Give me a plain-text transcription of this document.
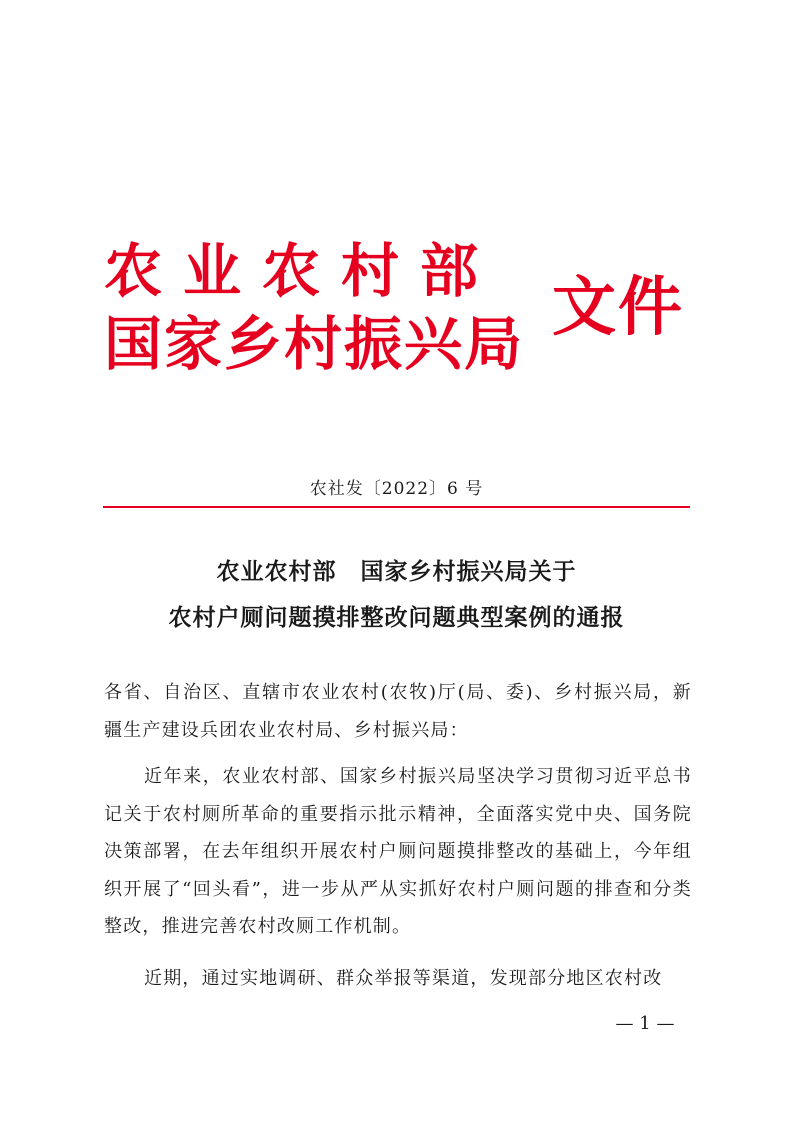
农业农村部
国家乡村振兴局 文件
农社发〔2022〕6 号
农业农村部　国家乡村振兴局关于
农村户厕问题摸排整改问题典型案例的通报
各省、自治区、直辖市农业农村(农牧)厅(局、委)、乡村振兴局，新疆生产建设兵团农业农村局、乡村振兴局：
近年来，农业农村部、国家乡村振兴局坚决学习贯彻习近平总书记关于农村厕所革命的重要指示批示精神，全面落实党中央、国务院决策部署，在去年组织开展农村户厕问题摸排整改的基础上，今年组织开展了“回头看”，进一步从严从实抓好农村户厕问题的排查和分类整改，推进完善农村改厕工作机制。
近期，通过实地调研、群众举报等渠道，发现部分地区农村改
— 1 —
